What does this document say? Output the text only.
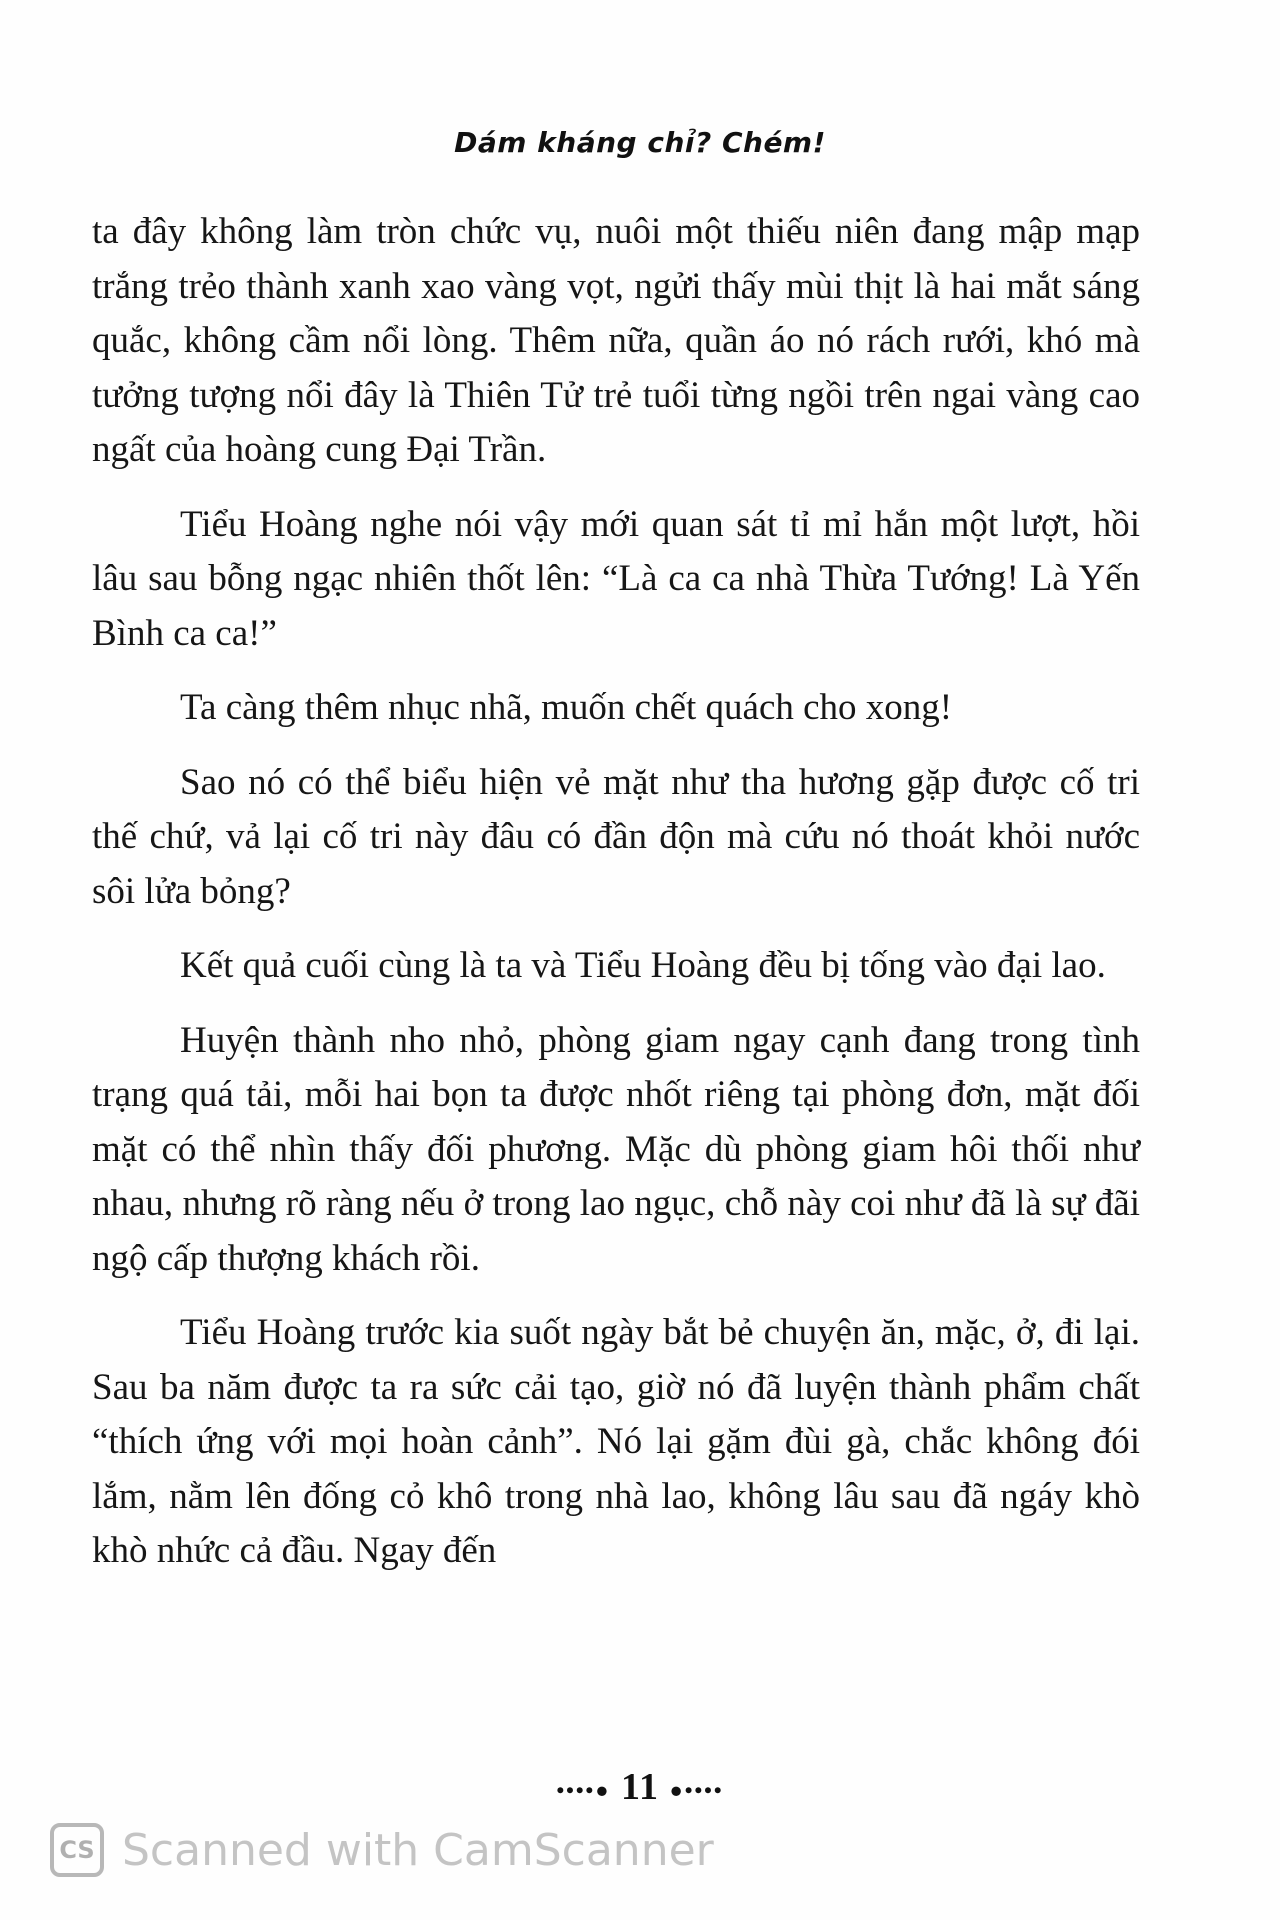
Dám kháng chỉ? Chém!

ta đây không làm tròn chức vụ, nuôi một thiếu niên đang mập mạp trắng trẻo thành xanh xao vàng vọt, ngửi thấy mùi thịt là hai mắt sáng quắc, không cầm nổi lòng. Thêm nữa, quần áo nó rách rưới, khó mà tưởng tượng nổi đây là Thiên Tử trẻ tuổi từng ngồi trên ngai vàng cao ngất của hoàng cung Đại Trần.

Tiểu Hoàng nghe nói vậy mới quan sát tỉ mỉ hắn một lượt, hồi lâu sau bỗng ngạc nhiên thốt lên: “Là ca ca nhà Thừa Tướng! Là Yến Bình ca ca!”

Ta càng thêm nhục nhã, muốn chết quách cho xong!

Sao nó có thể biểu hiện vẻ mặt như tha hương gặp được cố tri thế chứ, vả lại cố tri này đâu có đần độn mà cứu nó thoát khỏi nước sôi lửa bỏng?

Kết quả cuối cùng là ta và Tiểu Hoàng đều bị tống vào đại lao.

Huyện thành nho nhỏ, phòng giam ngay cạnh đang trong tình trạng quá tải, mỗi hai bọn ta được nhốt riêng tại phòng đơn, mặt đối mặt có thể nhìn thấy đối phương. Mặc dù phòng giam hôi thối như nhau, nhưng rõ ràng nếu ở trong lao ngục, chỗ này coi như đã là sự đãi ngộ cấp thượng khách rồi.

Tiểu Hoàng trước kia suốt ngày bắt bẻ chuyện ăn, mặc, ở, đi lại. Sau ba năm được ta ra sức cải tạo, giờ nó đã luyện thành phẩm chất “thích ứng với mọi hoàn cảnh”. Nó lại gặm đùi gà, chắc không đói lắm, nằm lên đống cỏ khô trong nhà lao, không lâu sau đã ngáy khò khò nhức cả đầu. Ngay đến

••••● 11 ●••••
CS Scanned with CamScanner
